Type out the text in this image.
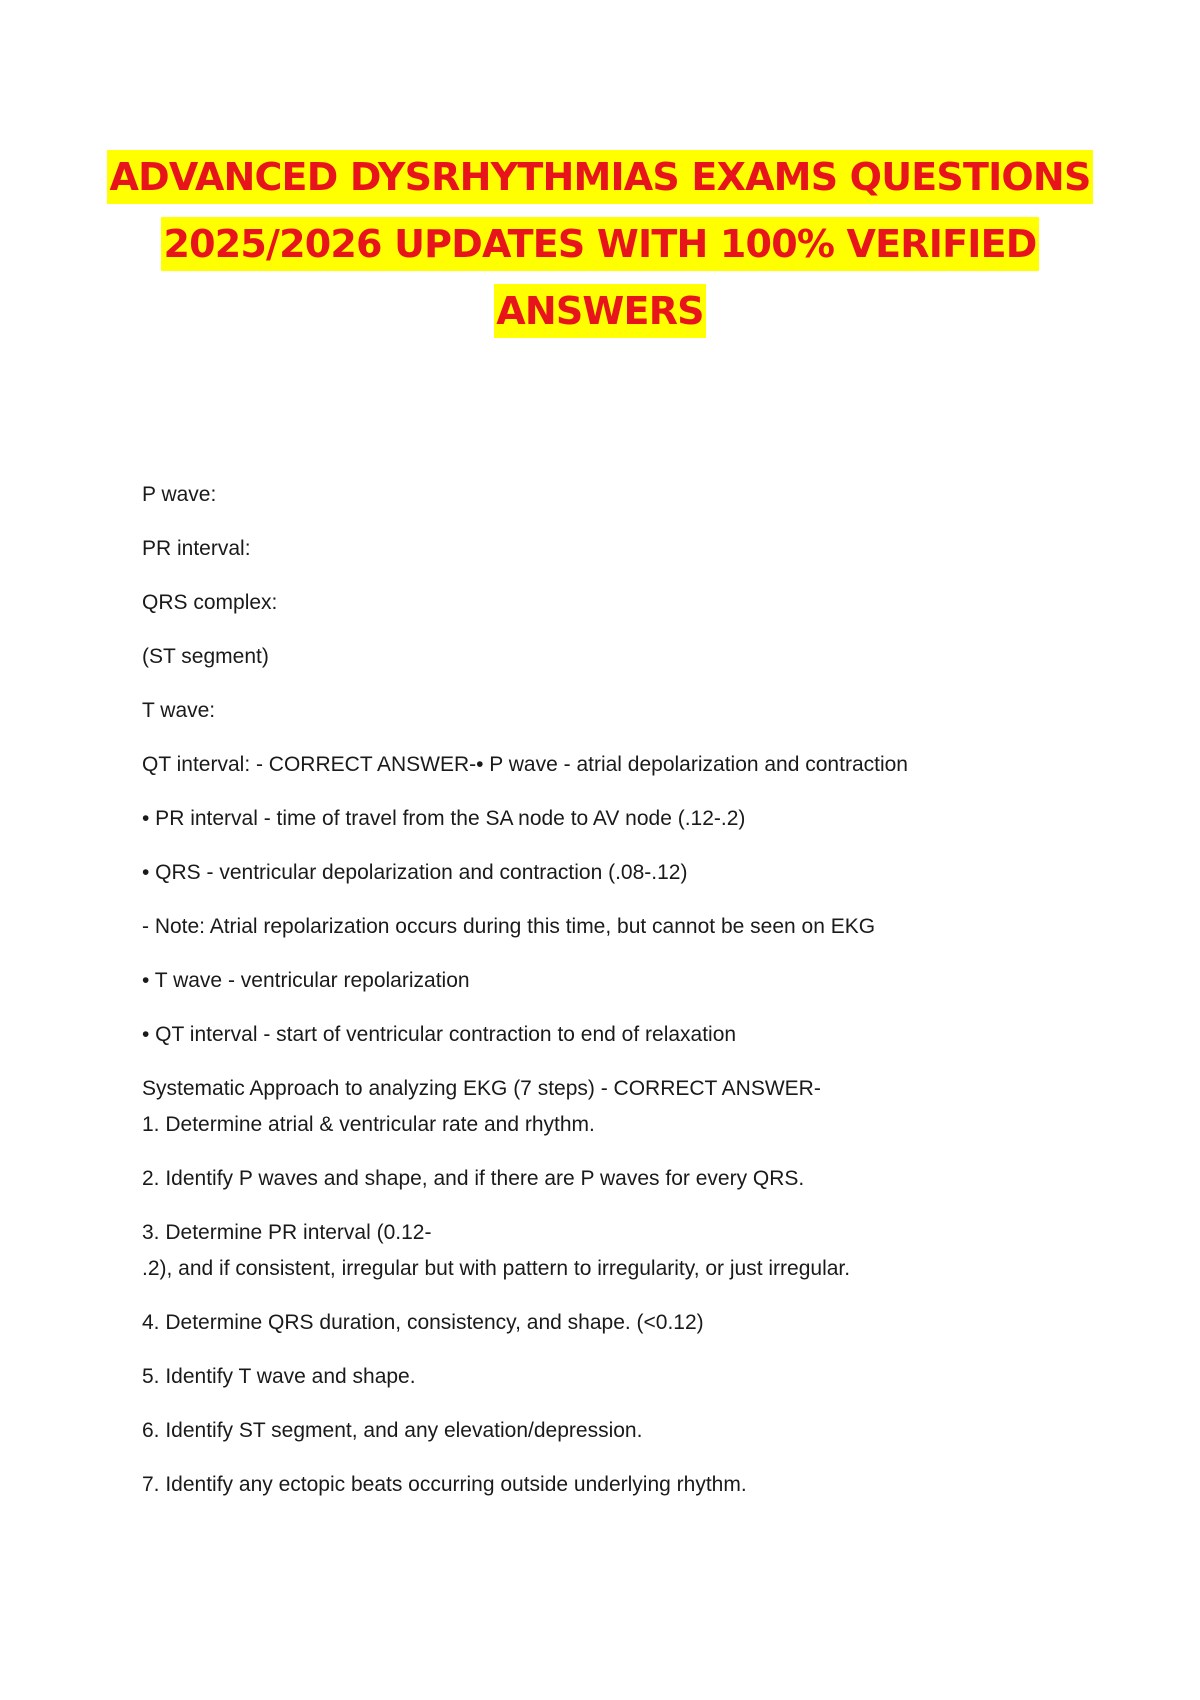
ADVANCED DYSRHYTHMIAS EXAMS QUESTIONS
2025/2026 UPDATES WITH 100% VERIFIED
ANSWERS
P wave:
PR interval:
QRS complex:
(ST segment)
T wave:
QT interval: - CORRECT ANSWER-• P wave - atrial depolarization and contraction
• PR interval - time of travel from the SA node to AV node (.12-.2)
• QRS - ventricular depolarization and contraction (.08-.12)
- Note: Atrial repolarization occurs during this time, but cannot be seen on EKG
• T wave - ventricular repolarization
• QT interval - start of ventricular contraction to end of relaxation
Systematic Approach to analyzing EKG (7 steps) - CORRECT ANSWER-
1. Determine atrial & ventricular rate and rhythm.
2. Identify P waves and shape, and if there are P waves for every QRS.
3. Determine PR interval (0.12-
.2), and if consistent, irregular but with pattern to irregularity, or just irregular.
4. Determine QRS duration, consistency, and shape. (<0.12)
5. Identify T wave and shape.
6. Identify ST segment, and any elevation/depression.
7. Identify any ectopic beats occurring outside underlying rhythm.
